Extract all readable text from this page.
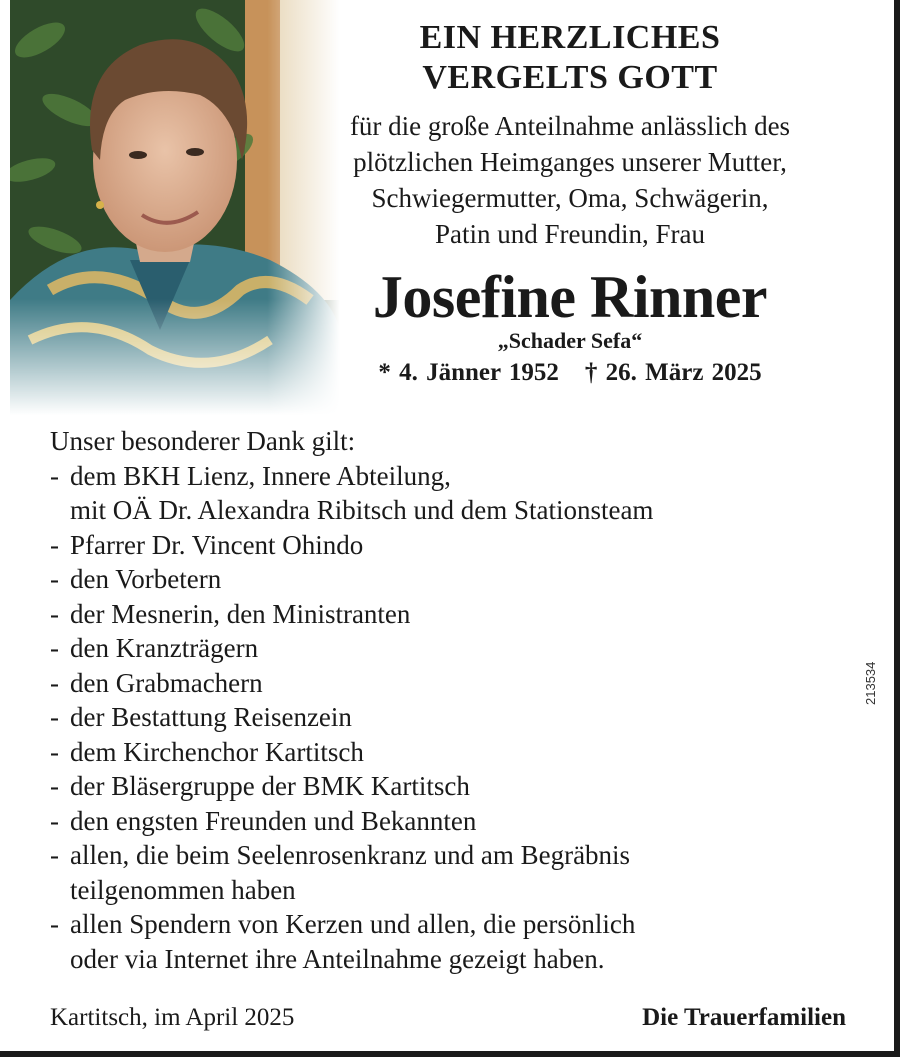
EIN HERZLICHES
VERGELTS GOTT
für die große Anteilnahme anlässlich des
plötzlichen Heimganges unserer Mutter,
Schwiegermutter, Oma, Schwägerin,
Patin und Freundin, Frau
Josefine Rinner
„Schader Sefa“
* 4. Jänner 1952 † 26. März 2025

Unser besonderer Dank gilt:

- dem BKH Lienz, Innere Abteilung,
mit OÄ Dr. Alexandra Ribitsch und dem Stationsteam
- Pfarrer Dr. Vincent Ohindo
- den Vorbetern
- der Mesnerin, den Ministranten
- den Kranzträgern
- den Grabmachern
- der Bestattung Reisenzein
- dem Kirchenchor Kartitsch
- der Bläsergruppe der BMK Kartitsch
- den engsten Freunden und Bekannten
- allen, die beim Seelenrosenkranz und am Begräbnis
teilgenommen haben
- allen Spendern von Kerzen und allen, die persönlich
oder via Internet ihre Anteilnahme gezeigt haben.
Kartitsch, im April 2025	Die Trauerfamilien
213534
